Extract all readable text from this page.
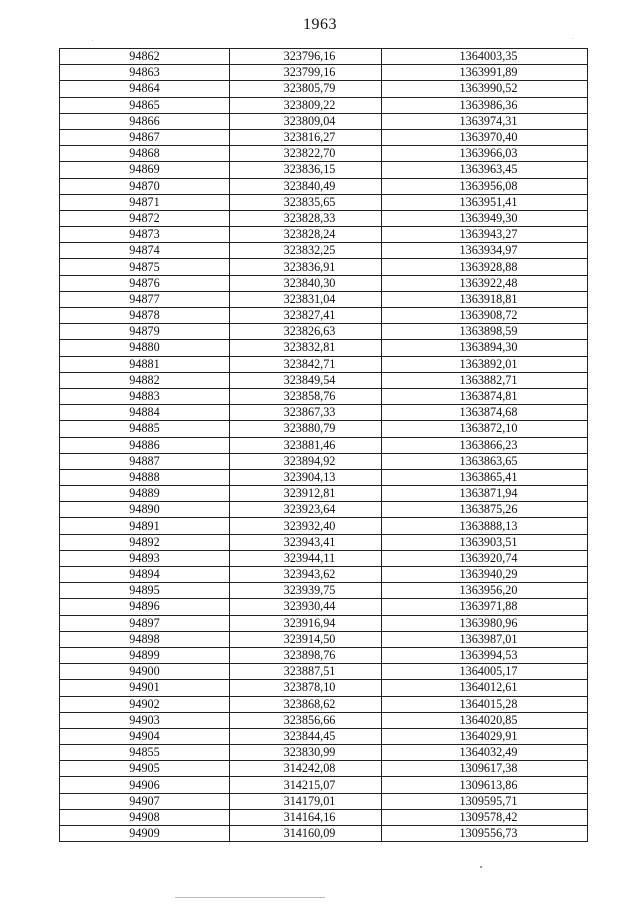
1963
94862	323796,16	1364003,35
94863	323799,16	1363991,89
94864	323805,79	1363990,52
94865	323809,22	1363986,36
94866	323809,04	1363974,31
94867	323816,27	1363970,40
94868	323822,70	1363966,03
94869	323836,15	1363963,45
94870	323840,49	1363956,08
94871	323835,65	1363951,41
94872	323828,33	1363949,30
94873	323828,24	1363943,27
94874	323832,25	1363934,97
94875	323836,91	1363928,88
94876	323840,30	1363922,48
94877	323831,04	1363918,81
94878	323827,41	1363908,72
94879	323826,63	1363898,59
94880	323832,81	1363894,30
94881	323842,71	1363892,01
94882	323849,54	1363882,71
94883	323858,76	1363874,81
94884	323867,33	1363874,68
94885	323880,79	1363872,10
94886	323881,46	1363866,23
94887	323894,92	1363863,65
94888	323904,13	1363865,41
94889	323912,81	1363871,94
94890	323923,64	1363875,26
94891	323932,40	1363888,13
94892	323943,41	1363903,51
94893	323944,11	1363920,74
94894	323943,62	1363940,29
94895	323939,75	1363956,20
94896	323930,44	1363971,88
94897	323916,94	1363980,96
94898	323914,50	1363987,01
94899	323898,76	1363994,53
94900	323887,51	1364005,17
94901	323878,10	1364012,61
94902	323868,62	1364015,28
94903	323856,66	1364020,85
94904	323844,45	1364029,91
94855	323830,99	1364032,49
94905	314242,08	1309617,38
94906	314215,07	1309613,86
94907	314179,01	1309595,71
94908	314164,16	1309578,42
94909	314160,09	1309556,73
